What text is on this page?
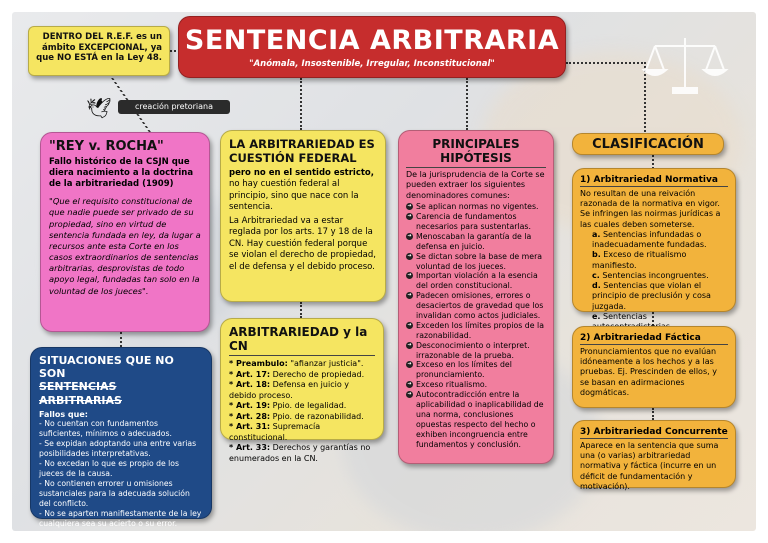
DENTRO DEL R.E.F. es un ámbito EXCEPCIONAL, ya que NO ESTÁ en la Ley 48.
SENTENCIA ARBITRARIA
"Anómala, Insostenible, Irregular, Inconstitucional"
🕊	creación pretoriana
"REY v. ROCHA"
Fallo histórico de la CSJN que diera nacimiento a la doctrina de la arbitrariedad (1909)
"Que el requisito constitucional de que nadie puede ser privado de su propiedad, sino en virtud de sentencia fundada en ley, da lugar a recursos ante esta Corte en los casos extraordinarios de sentencias arbitrarias, desprovistas de todo apoyo legal, fundadas tan solo en la voluntad de los jueces".
SITUACIONES QUE NO SON
SENTENCIAS ARBITRARIAS
Fallos que:
- No cuentan con fundamentos suficientes, mínimos o adecuados.
- Se expidan adoptando una entre varias posibilidades interpretativas.
- No excedan lo que es propio de los jueces de la causa.
- No contienen errorer u omisiones sustanciales para la adecuada solución del conflicto.
- No se aparten manifiestamente de la ley cualquiera sea su acierto o su error.
LA ARBITRARIEDAD ES CUESTIÓN FEDERAL
pero no en el sentido estricto, no hay cuestión federal al principio, sino que nace con la sentencia.
La Arbitrariedad va a estar reglada por los arts. 17 y 18 de la CN. Hay cuestión federal porque se violan el derecho de propiedad, el de defensa y el debido proceso.
ARBITRARIEDAD y la CN
* Preambulo: "afianzar justicia".
* Art. 17: Derecho de propiedad.
* Art. 18: Defensa en juicio y debido proceso.
* Art. 19: Ppio. de legalidad.
* Art. 28: Ppio. de razonabilidad.
* Art. 31: Supremacía constitucional.
* Art. 33: Derechos y garantías no enumerados en la CN.
PRINCIPALES HIPÓTESIS
De la jurisprudencia de la Corte se pueden extraer los siguientes denominadores comunes:
➜ Se aplican normas no vigentes.
➜ Carencia de fundamentos necesarios para sustentarlas.
➜ Menoscaban la garantía de la defensa en juicio.
➜ Se dictan sobre la base de mera voluntad de los jueces.
➜ Importan violación a la esencia del orden constitucional.
➜ Padecen omisiones, errores o desaciertos de gravedad que los invalidan como actos judiciales.
➜ Exceden los límites propios de la razonabilidad.
➜ Desconocimiento o interpret. irrazonable de la prueba.
➜ Exceso en los límites del pronunciamiento.
➜ Exceso ritualismo.
➜ Autocontradicción entre la aplicabilidad o inaplicabilidad de una norma, conclusiones opuestas respecto del hecho o exhiben incongruencia entre fundamentos y conclusión.
CLASIFICACIÓN
1) Arbitrariedad Normativa
No resultan de una reivación razonada de la normativa en vigor. Se infringen las noirmas jurídicas a las cuales deben someterse.
a. Sentencias infundadas o inadecuadamente fundadas.
b. Exceso de ritualismo manifiesto.
c. Sentencias incongruentes.
d. Sentencias que violan el principio de preclusión y cosa juzgada.
e. Sentencias
2) Arbitrariedad Fáctica
Pronunciamientos que no evalúan idóneamente a los hechos y a las pruebas. Ej. Prescinden de ellos, y se basan en adirmaciones dogmáticas.
3) Arbitrariedad Concurrente
Aparece en la sentencia que suma una (o varias) arbitrariedad normativa y fáctica (incurre en un déficit de fundamentación y motivación).
